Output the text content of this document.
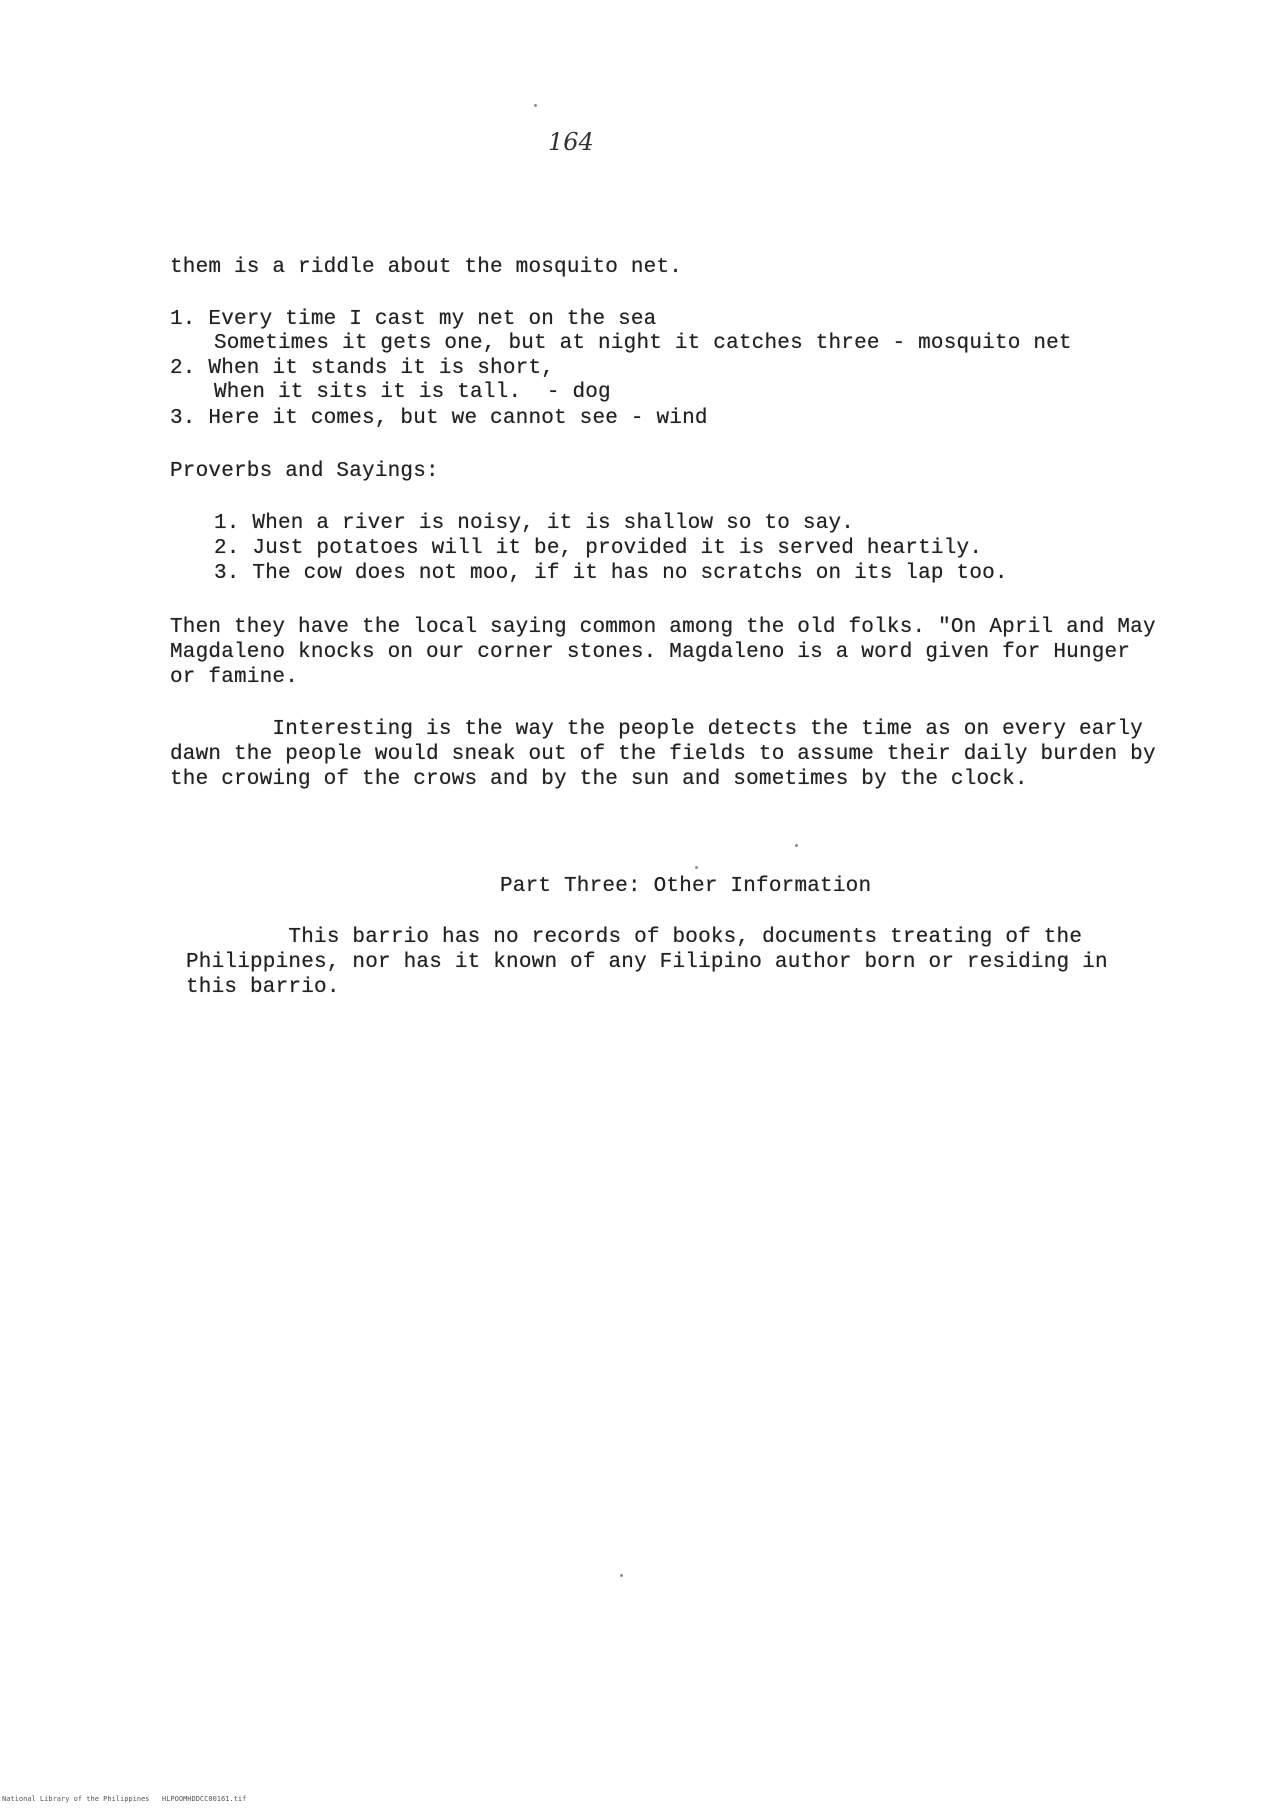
164
them is a riddle about the mosquito net.
1. Every time I cast my net on the sea
Sometimes it gets one, but at night it catches three - mosquito net
2. When it stands it is short,
When it sits it is tall.  - dog
3. Here it comes, but we cannot see - wind
Proverbs and Sayings:
1. When a river is noisy, it is shallow so to say.
2. Just potatoes will it be, provided it is served heartily.
3. The cow does not moo, if it has no scratchs on its lap too.
Then they have the local saying common among the old folks. "On April and May
Magdaleno knocks on our corner stones. Magdaleno is a word given for Hunger
or famine.
Interesting is the way the people detects the time as on every early
dawn the people would sneak out of the fields to assume their daily burden by
the crowing of the crows and by the sun and sometimes by the clock.
Part Three: Other Information
This barrio has no records of books, documents treating of the
Philippines, nor has it known of any Filipino author born or residing in
this barrio.
National Library of the Philippines HLPOOMHDDCC00161.tif
